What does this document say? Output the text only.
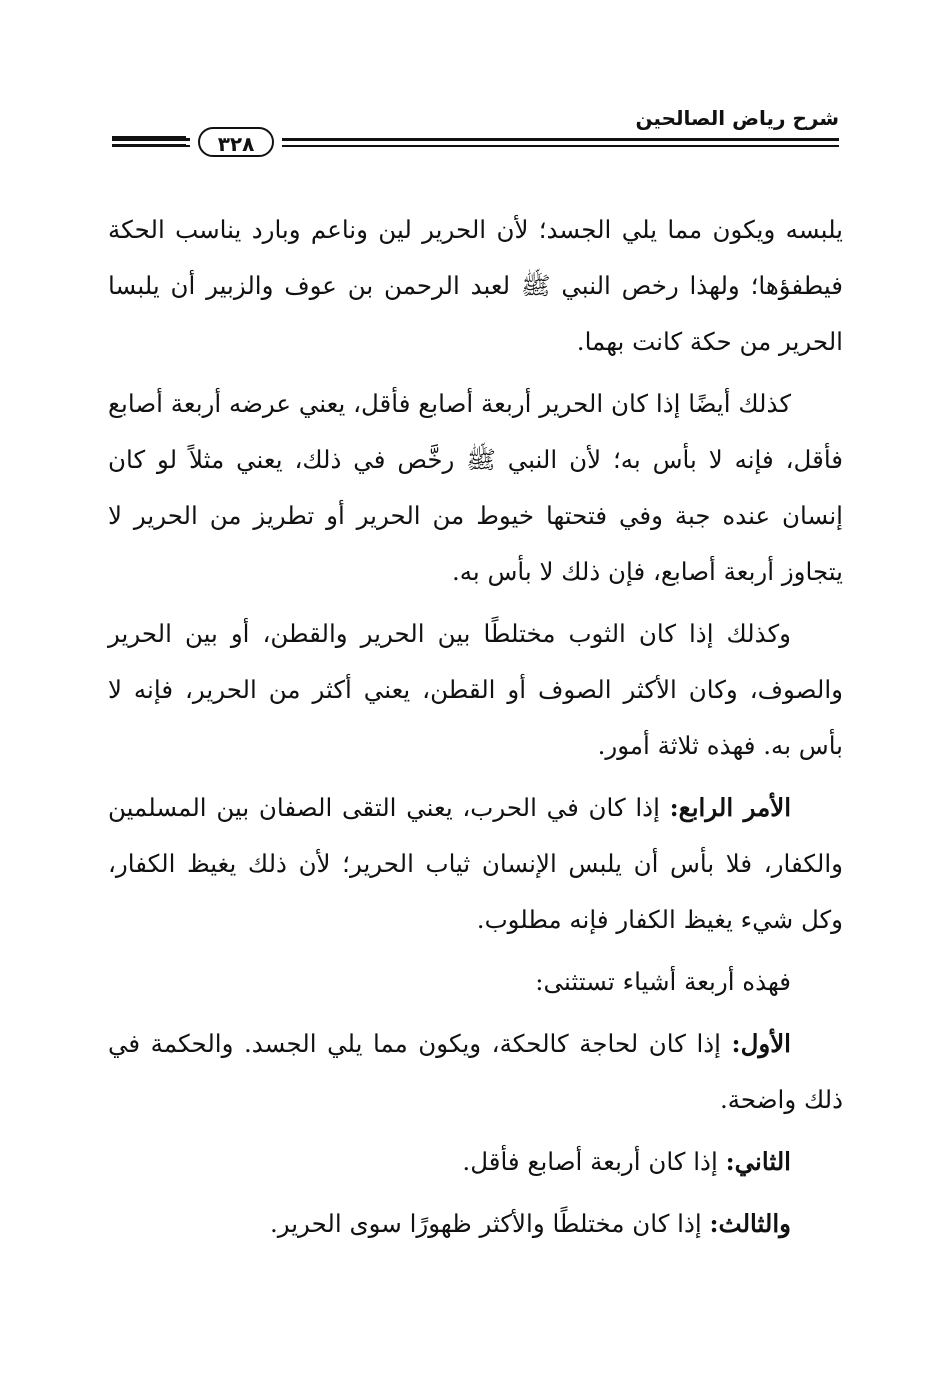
شرح رياض الصالحين
٣٢٨

يلبسه ويكون مما يلي الجسد؛ لأن الحرير لين وناعم وبارد يناسب الحكة فيطفؤها؛ ولهذا رخص النبي ﷺ لعبد الرحمن بن عوف والزبير أن يلبسا الحرير من حكة كانت بهما.

كذلك أيضًا إذا كان الحرير أربعة أصابع فأقل، يعني عرضه أربعة أصابع فأقل، فإنه لا بأس به؛ لأن النبي ﷺ رخَّص في ذلك، يعني مثلاً لو كان إنسان عنده جبة وفي فتحتها خيوط من الحرير أو تطريز من الحرير لا يتجاوز أربعة أصابع، فإن ذلك لا بأس به.

وكذلك إذا كان الثوب مختلطًا بين الحرير والقطن، أو بين الحرير والصوف، وكان الأكثر الصوف أو القطن، يعني أكثر من الحرير، فإنه لا بأس به. فهذه ثلاثة أمور.

الأمر الرابع: إذا كان في الحرب، يعني التقى الصفان بين المسلمين والكفار، فلا بأس أن يلبس الإنسان ثياب الحرير؛ لأن ذلك يغيظ الكفار، وكل شيء يغيظ الكفار فإنه مطلوب.

فهذه أربعة أشياء تستثنى:

الأول: إذا كان لحاجة كالحكة، ويكون مما يلي الجسد. والحكمة في ذلك واضحة.

الثاني: إذا كان أربعة أصابع فأقل.

والثالث: إذا كان مختلطًا والأكثر ظهورًا سوى الحرير.
